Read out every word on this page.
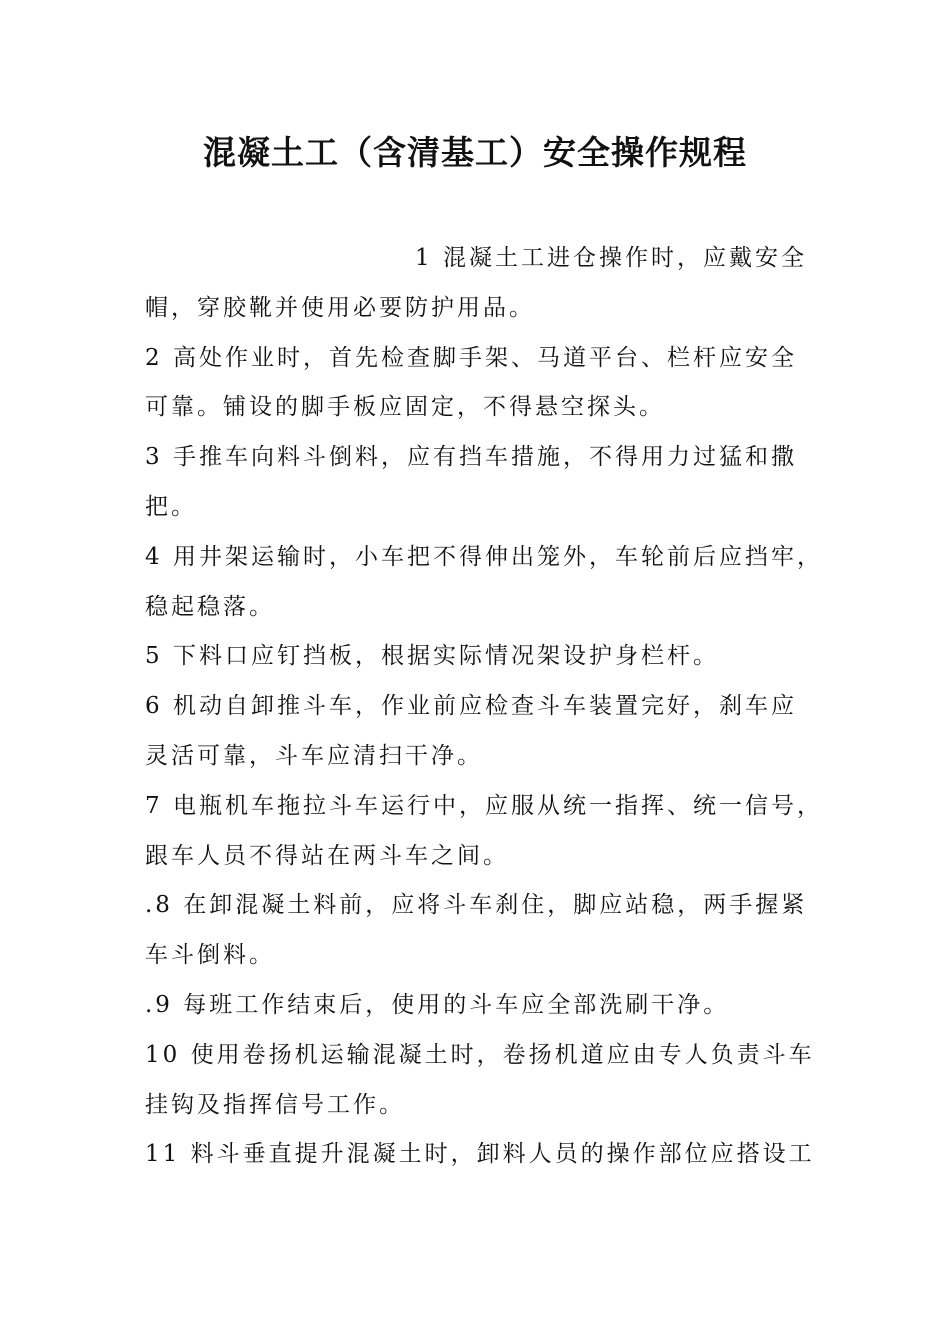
混凝土工（含清基工）安全操作规程
1 混凝土工进仓操作时，应戴安全
帽，穿胶靴并使用必要防护用品。
2 高处作业时，首先检查脚手架、马道平台、栏杆应安全
可靠。铺设的脚手板应固定，不得悬空探头。
3 手推车向料斗倒料，应有挡车措施，不得用力过猛和撒
把。
4 用井架运输时，小车把不得伸出笼外，车轮前后应挡牢，
稳起稳落。
5 下料口应钉挡板，根据实际情况架设护身栏杆。
6 机动自卸推斗车，作业前应检查斗车装置完好，刹车应
灵活可靠，斗车应清扫干净。
7 电瓶机车拖拉斗车运行中，应服从统一指挥、统一信号，
跟车人员不得站在两斗车之间。
.8 在卸混凝土料前，应将斗车刹住，脚应站稳，两手握紧
车斗倒料。
.9 每班工作结束后，使用的斗车应全部洗刷干净。
10 使用卷扬机运输混凝土时，卷扬机道应由专人负责斗车
挂钩及指挥信号工作。
11 料斗垂直提升混凝土时，卸料人员的操作部位应搭设工
